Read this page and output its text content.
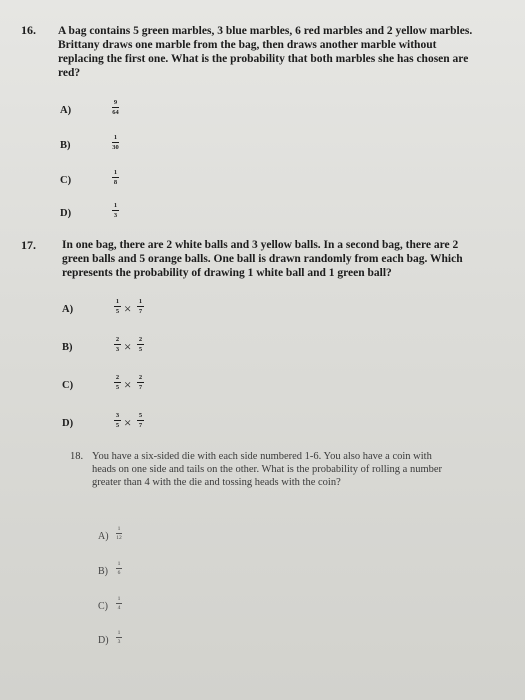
16. A bag contains 5 green marbles, 3 blue marbles, 6 red marbles and 2 yellow marbles.
Brittany draws one marble from the bag, then draws another marble without
replacing the first one. What is the probability that both marbles she has chosen are
red?
A)
9
64
B)
1
30
C)
1
8
D)
1
3
17. In one bag, there are 2 white balls and 3 yellow balls. In a second bag, there are 2
green balls and 5 orange balls. One ball is drawn randomly from each bag. Which
represents the probability of drawing 1 white ball and 1 green ball?
A)
1
5 × 1
7
B)
2
3 × 2
5
C)
2
5 × 2
7
D)
3
5 × 5
7
18. You have a six-sided die with each side numbered 1-6. You also have a coin with
heads on one side and tails on the other. What is the probability of rolling a number
greater than 4 with the die and tossing heads with the coin?
A)
1
12
B)
1
6
C)
1
4
D)
1
3
